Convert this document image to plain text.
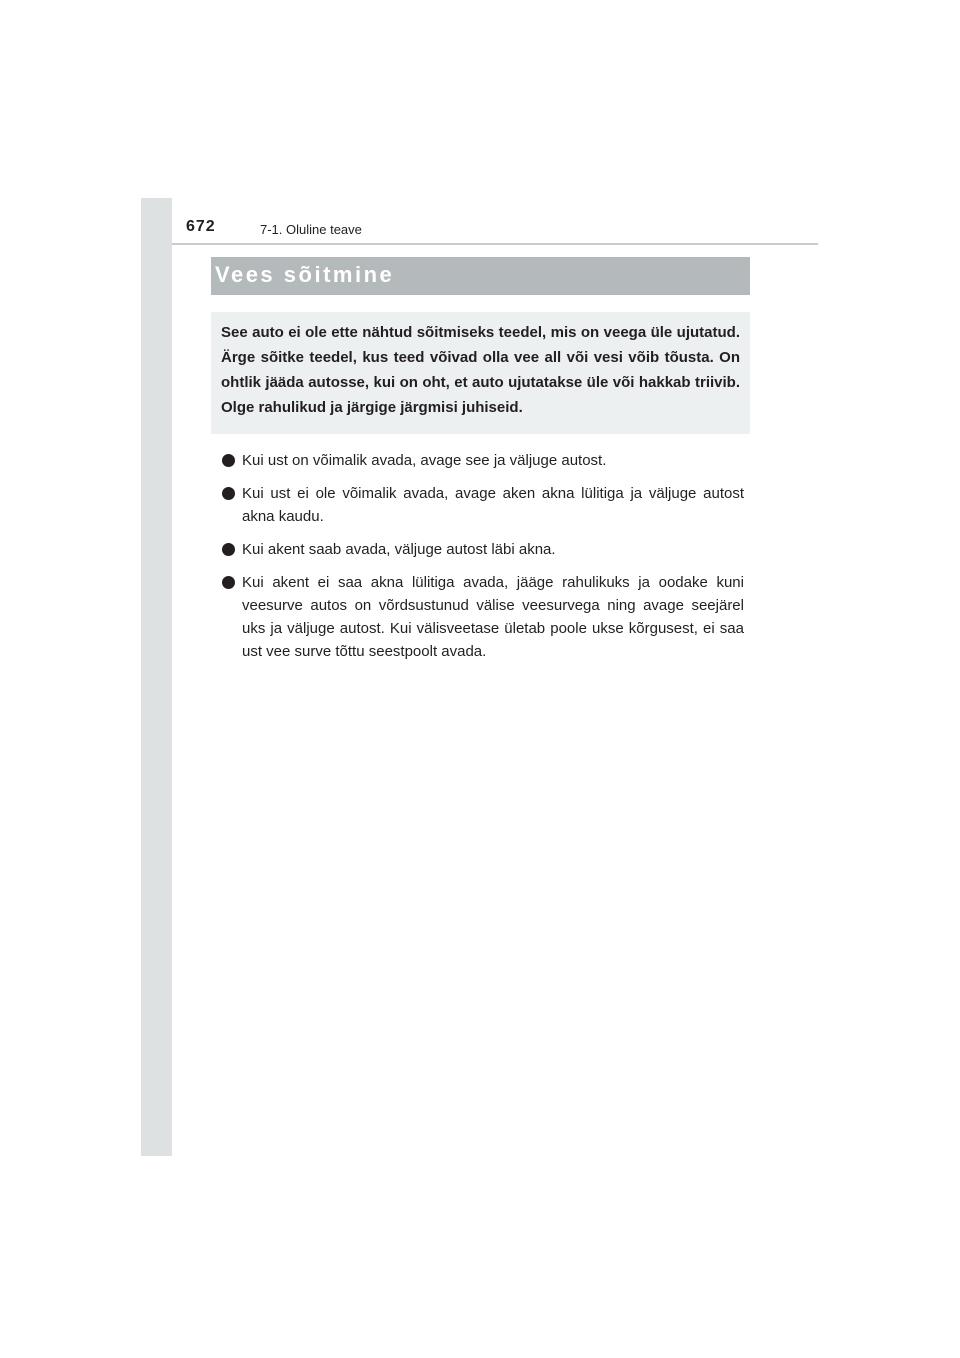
672	7-1. Oluline teave
Vees sõitmine

See auto ei ole ette nähtud sõitmiseks teedel, mis on veega üle ujutatud. Ärge sõitke teedel, kus teed võivad olla vee all või vesi võib tõusta. On ohtlik jääda autosse, kui on oht, et auto ujutatakse üle või hakkab triivib. Olge rahulikud ja järgige järgmisi juhiseid.

Kui ust on võimalik avada, avage see ja väljuge autost.
Kui ust ei ole võimalik avada, avage aken akna lülitiga ja väljuge autost akna kaudu.
Kui akent saab avada, väljuge autost läbi akna.
Kui akent ei saa akna lülitiga avada, jääge rahulikuks ja oodake kuni veesurve autos on võrdsustunud välise veesurvega ning avage seejärel uks ja väljuge autost. Kui välisveetase ületab poole ukse kõrgusest, ei saa ust vee surve tõttu seestpoolt avada.
